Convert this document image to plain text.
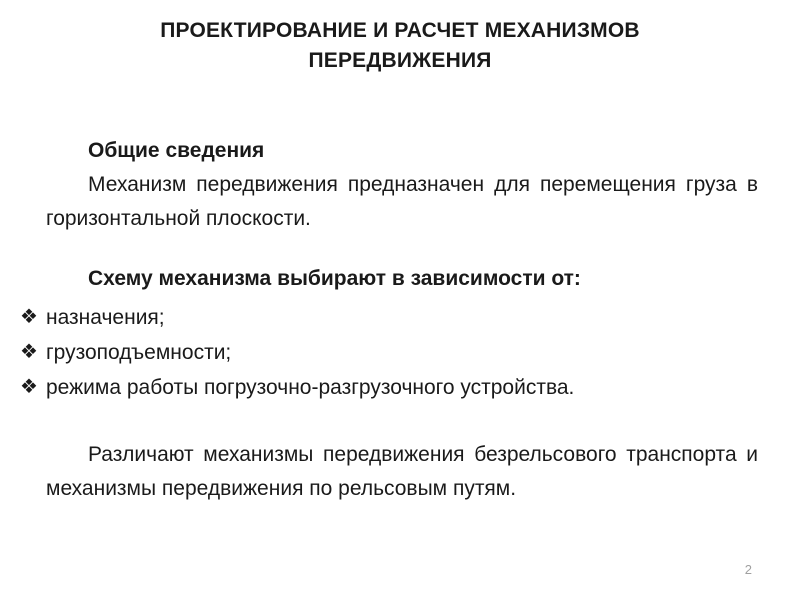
ПРОЕКТИРОВАНИЕ И РАСЧЕТ МЕХАНИЗМОВ
ПЕРЕДВИЖЕНИЯ

Общие сведения

Механизм передвижения предназначен для перемещения груза в горизонтальной плоскости.

Схему механизма выбирают в зависимости от:

❖ назначения;
❖ грузоподъемности;
❖ режима работы погрузочно-разгрузочного устройства.

Различают механизмы передвижения безрельсового транспорта и механизмы передвижения по рельсовым путям.

2
